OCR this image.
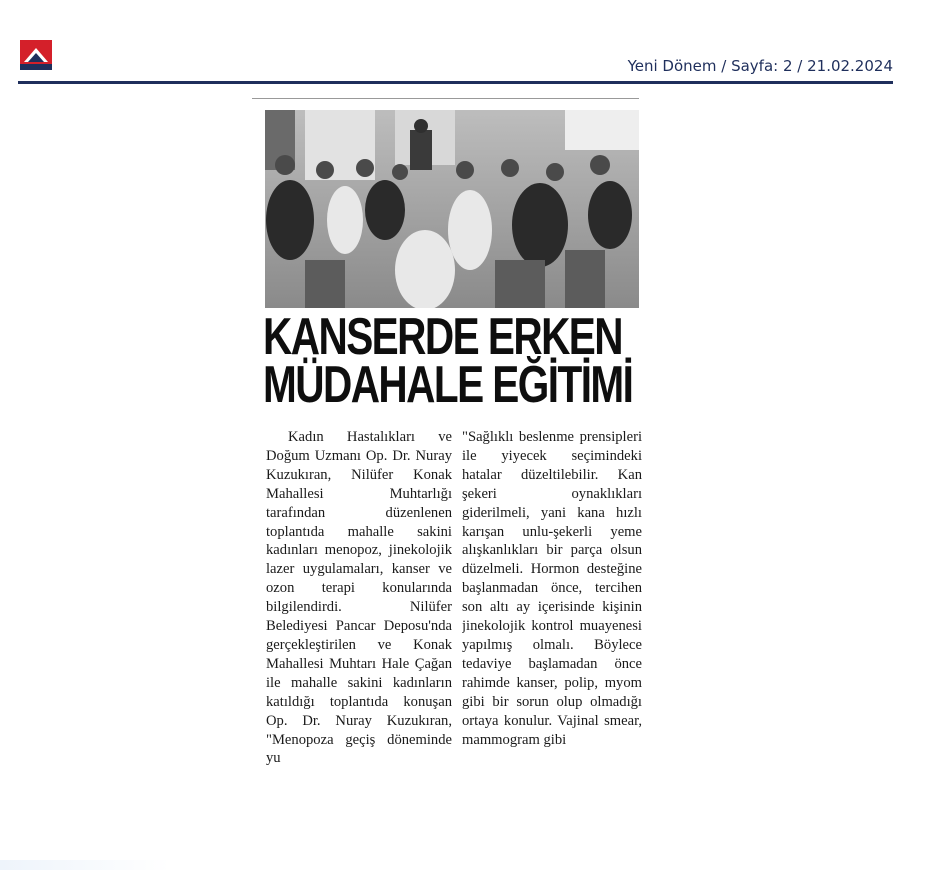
Yeni Dönem / Sayfa: 2 / 21.02.2024
KANSERDE ERKEN
MÜDAHALE EĞİTİMİ

Kadın Hastalıkları ve Doğum Uzmanı Op. Dr. Nuray Kuzukıran, Nilüfer Konak Mahallesi Muhtarlığı tarafından düzenlenen toplantıda mahalle sakini kadınları menopoz, jinekolojik lazer uygulamaları, kanser ve ozon terapi konularında bilgilendirdi. Nilüfer Belediyesi Pancar Deposu'nda gerçekleştirilen ve Konak Mahallesi Muhtarı Hale Çağan ile mahalle sakini kadınların katıldığı toplantıda konuşan Op. Dr. Nuray Kuzukıran, "Menopoza geçiş döneminde yu

"Sağlıklı beslenme prensipleri ile yiyecek seçimindeki hatalar düzeltilebilir. Kan şekeri oynaklıkları giderilmeli, yani kana hızlı karışan unlu-şekerli yeme alışkanlıkları bir parça olsun düzelmeli. Hormon desteğine başlanmadan önce, tercihen son altı ay içerisinde kişinin jinekolojik kontrol muayenesi yapılmış olmalı. Böylece tedaviye başlamadan önce rahimde kanser, polip, myom gibi bir sorun olup olmadığı ortaya konulur. Vajinal smear, mammogram gibi
